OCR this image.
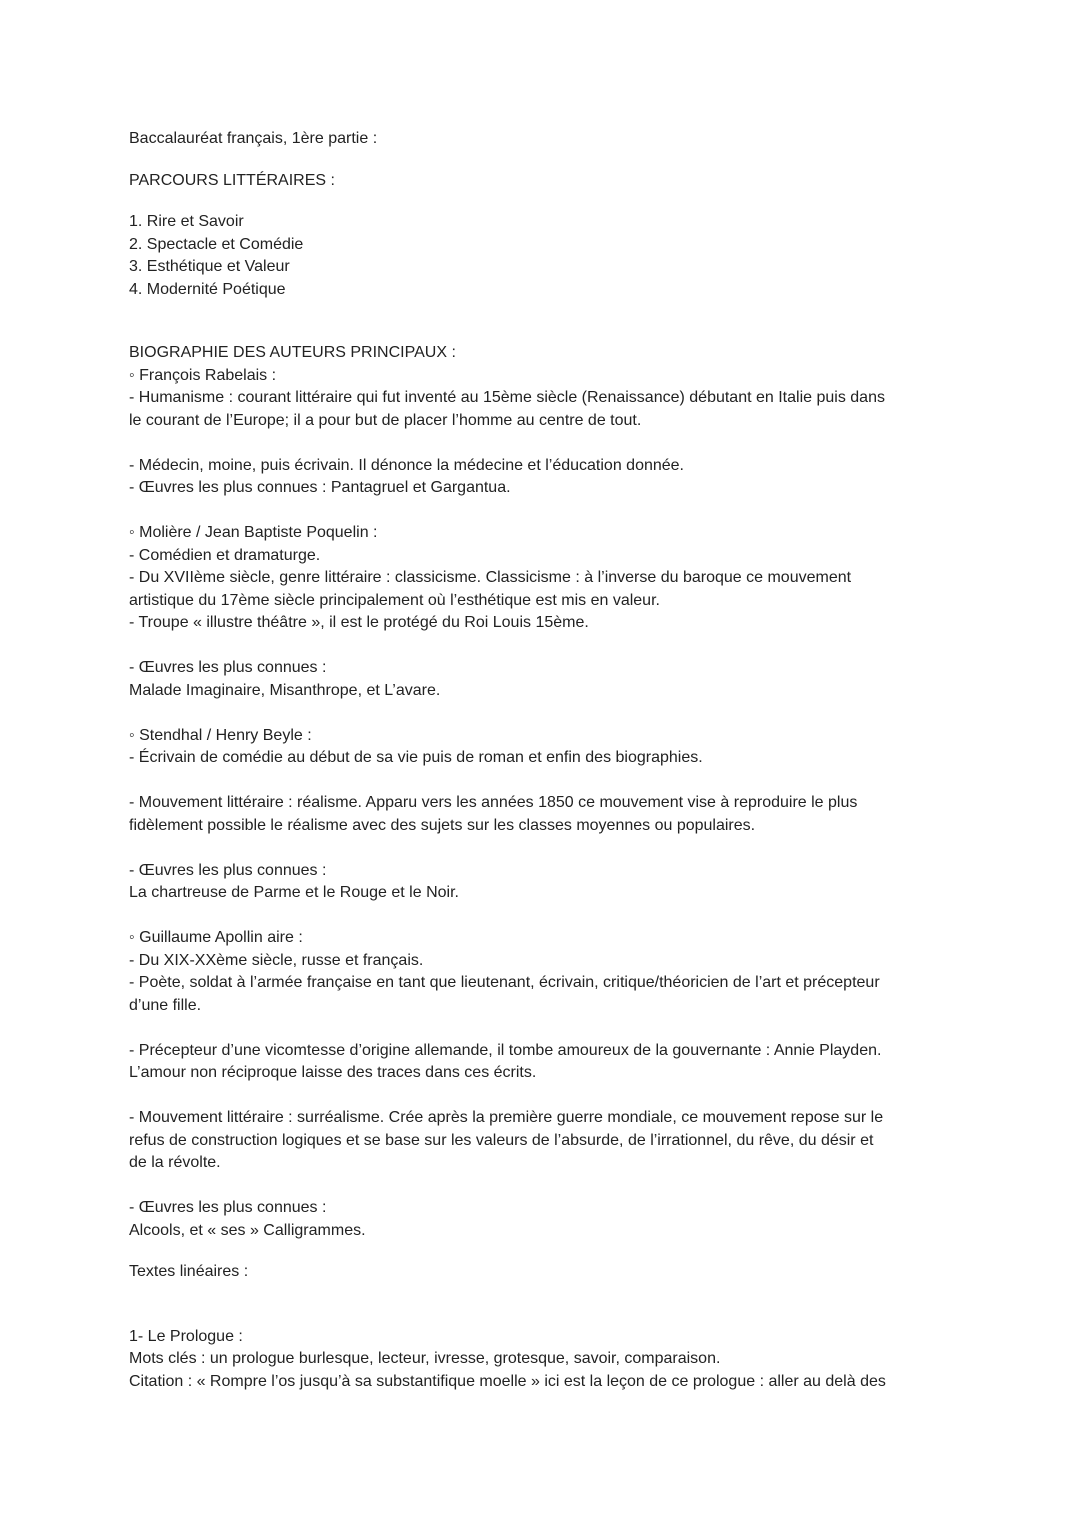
Baccalauréat français, 1ère partie :
PARCOURS LITTÉRAIRES :
1. Rire et Savoir
2. Spectacle et Comédie
3. Esthétique et Valeur
4. Modernité Poétique
BIOGRAPHIE DES AUTEURS PRINCIPAUX :
◦ François Rabelais :
- Humanisme : courant littéraire qui fut inventé au 15ème siècle (Renaissance) débutant en Italie puis dans
le courant de l’Europe; il a pour but de placer l’homme au centre de tout.
- Médecin, moine, puis écrivain. Il dénonce la médecine et l’éducation donnée.
- Œuvres les plus connues : Pantagruel et Gargantua.
◦ Molière / Jean Baptiste Poquelin :
- Comédien et dramaturge.
- Du XVIIème siècle, genre littéraire : classicisme. Classicisme : à l’inverse du baroque ce mouvement
artistique du 17ème siècle principalement où l’esthétique est mis en valeur.
- Troupe « illustre théâtre », il est le protégé du Roi Louis 15ème.
- Œuvres les plus connues :
Malade Imaginaire, Misanthrope, et L’avare.
◦ Stendhal / Henry Beyle :
- Écrivain de comédie au début de sa vie puis de roman et enfin des biographies.
- Mouvement littéraire : réalisme. Apparu vers les années 1850 ce mouvement vise à reproduire le plus
fidèlement possible le réalisme avec des sujets sur les classes moyennes ou populaires.
- Œuvres les plus connues :
La chartreuse de Parme et le Rouge et le Noir.
◦ Guillaume Apollin aire :
- Du XIX-XXème siècle, russe et français.
- Poète, soldat à l’armée française en tant que lieutenant, écrivain, critique/théoricien de l’art et précepteur
d’une fille.
- Précepteur d’une vicomtesse d’origine allemande, il tombe amoureux de la gouvernante : Annie Playden.
L’amour non réciproque laisse des traces dans ces écrits.
- Mouvement littéraire : surréalisme. Crée après la première guerre mondiale, ce mouvement repose sur le
refus de construction logiques et se base sur les valeurs de l’absurde, de l’irrationnel, du rêve, du désir et
de la révolte.
- Œuvres les plus connues :
Alcools, et « ses » Calligrammes.
Textes linéaires :
1- Le Prologue :
Mots clés : un prologue burlesque, lecteur, ivresse, grotesque, savoir, comparaison.
Citation : « Rompre l’os jusqu’à sa substantifique moelle » ici est la leçon de ce prologue : aller au delà des
